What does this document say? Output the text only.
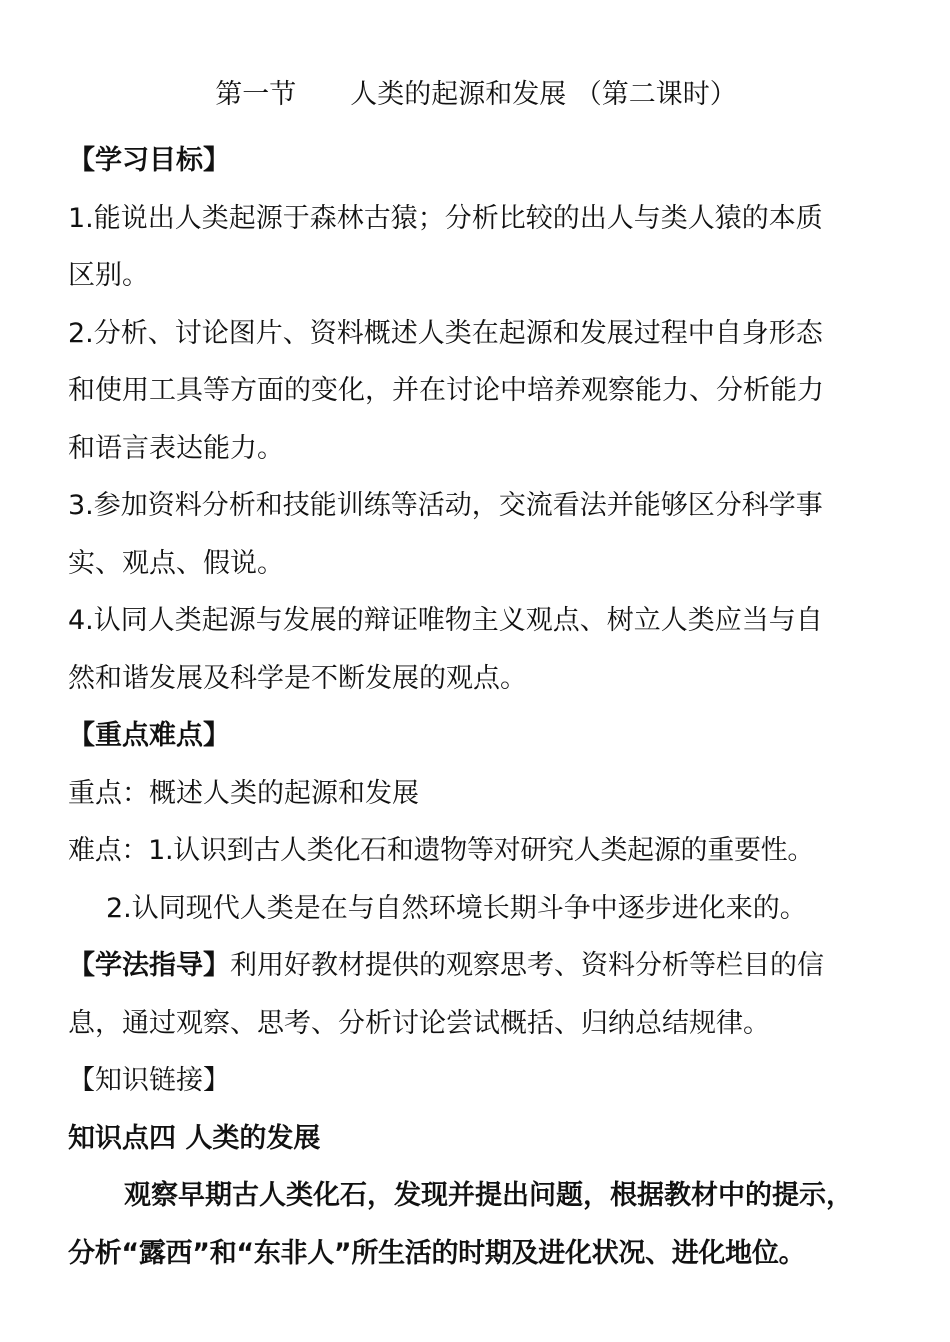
第一节　　人类的起源和发展 （第二课时）
【学习目标】
1.能说出人类起源于森林古猿；分析比较的出人与类人猿的本质
区别。
2.分析、讨论图片、资料概述人类在起源和发展过程中自身形态
和使用工具等方面的变化，并在讨论中培养观察能力、分析能力
和语言表达能力。
3.参加资料分析和技能训练等活动，交流看法并能够区分科学事
实、观点、假说。
4.认同人类起源与发展的辩证唯物主义观点、树立人类应当与自
然和谐发展及科学是不断发展的观点。
【重点难点】
重点：概述人类的起源和发展
难点：1.认识到古人类化石和遗物等对研究人类起源的重要性。
2.认同现代人类是在与自然环境长期斗争中逐步进化来的。
【学法指导】利用好教材提供的观察思考、资料分析等栏目的信
息，通过观察、思考、分析讨论尝试概括、归纳总结规律。
【知识链接】
知识点四 人类的发展
观察早期古人类化石，发现并提出问题，根据教材中的提示，
分析“露西”和“东非人”所生活的时期及进化状况、进化地位。
